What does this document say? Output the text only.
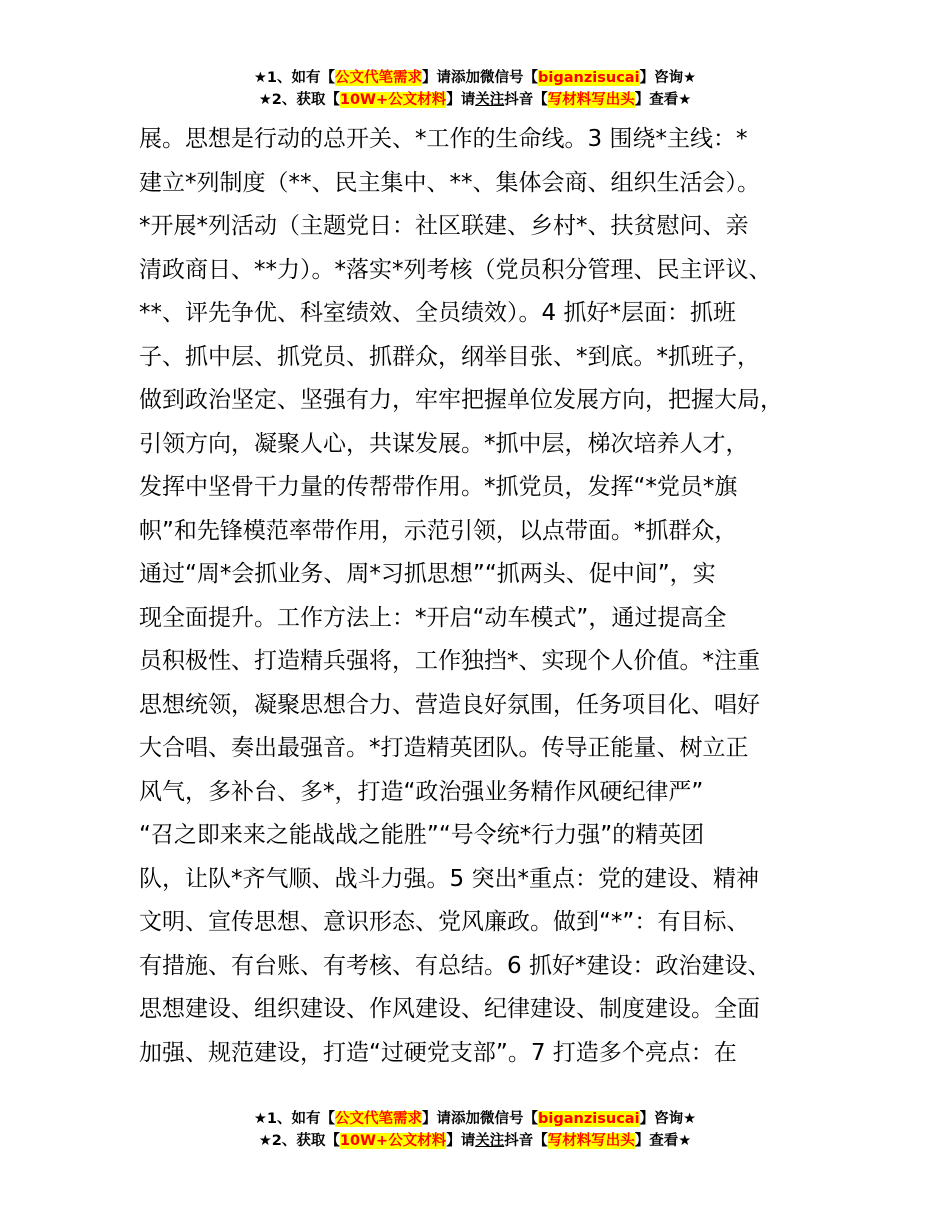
★1、如有【公文代笔需求】请添加微信号【biganzisucai】咨询★
★2、获取【10W+公文材料】请关注抖音【写材料写出头】查看★
展。思想是行动的总开关、*工作的生命线。3 围绕*主线：*
建立*列制度（**、民主集中、**、集体会商、组织生活会）。
*开展*列活动（主题党日：社区联建、乡村*、扶贫慰问、亲
清政商日、**力）。*落实*列考核（党员积分管理、民主评议、
**、评先争优、科室绩效、全员绩效）。4 抓好*层面：抓班
子、抓中层、抓党员、抓群众，纲举目张、*到底。*抓班子，
做到政治坚定、坚强有力，牢牢把握单位发展方向，把握大局，
引领方向，凝聚人心，共谋发展。*抓中层，梯次培养人才，
发挥中坚骨干力量的传帮带作用。*抓党员，发挥“*党员*旗
帜”和先锋模范率带作用，示范引领，以点带面。*抓群众，
通过“周*会抓业务、周*习抓思想”“抓两头、促中间”，实
现全面提升。工作方法上：*开启“动车模式”，通过提高全
员积极性、打造精兵强将，工作独挡*、实现个人价值。*注重
思想统领，凝聚思想合力、营造良好氛围，任务项目化、唱好
大合唱、奏出最强音。*打造精英团队。传导正能量、树立正
风气，多补台、多*，打造“政治强业务精作风硬纪律严”
“召之即来来之能战战之能胜”“号令统*行力强”的精英团
队，让队*齐气顺、战斗力强。5 突出*重点：党的建设、精神
文明、宣传思想、意识形态、党风廉政。做到“*”：有目标、
有措施、有台账、有考核、有总结。6 抓好*建设：政治建设、
思想建设、组织建设、作风建设、纪律建设、制度建设。全面
加强、规范建设，打造“过硬党支部”。7 打造多个亮点：在
★1、如有【公文代笔需求】请添加微信号【biganzisucai】咨询★
★2、获取【10W+公文材料】请关注抖音【写材料写出头】查看★
